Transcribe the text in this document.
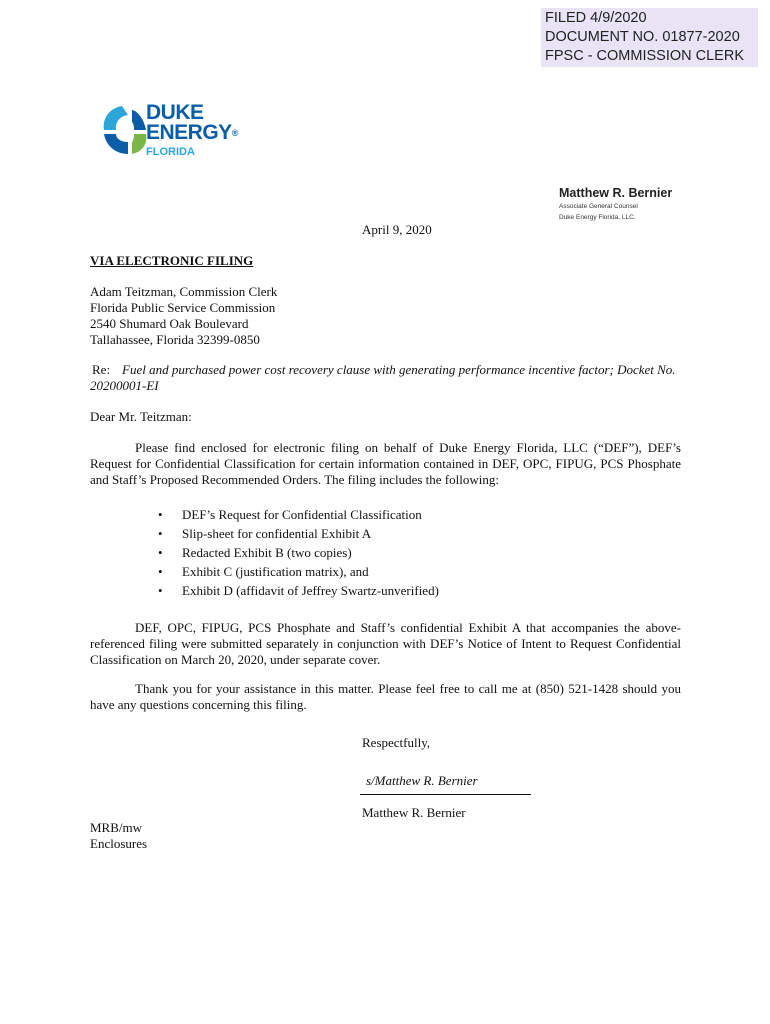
FILED 4/9/2020
DOCUMENT NO. 01877-2020
FPSC - COMMISSION CLERK
DUKE
ENERGY®
FLORIDA
Matthew R. Bernier
Associate General Counsel
Duke Energy Florida, LLC.
April 9, 2020
VIA ELECTRONIC FILING
Adam Teitzman, Commission Clerk
Florida Public Service Commission
2540 Shumard Oak Boulevard
Tallahassee, Florida 32399-0850
Re: Fuel and purchased power cost recovery clause with generating performance incentive factor; Docket No. 20200001-EI
Dear Mr. Teitzman:
Please find enclosed for electronic filing on behalf of Duke Energy Florida, LLC (“DEF”), DEF’s Request for Confidential Classification for certain information contained in DEF, OPC, FIPUG, PCS Phosphate and Staff’s Proposed Recommended Orders. The filing includes the following:
• DEF’s Request for Confidential Classification
• Slip-sheet for confidential Exhibit A
• Redacted Exhibit B (two copies)
• Exhibit C (justification matrix), and
• Exhibit D (affidavit of Jeffrey Swartz-unverified)
DEF, OPC, FIPUG, PCS Phosphate and Staff’s confidential Exhibit A that accompanies the above-referenced filing were submitted separately in conjunction with DEF’s Notice of Intent to Request Confidential Classification on March 20, 2020, under separate cover.
Thank you for your assistance in this matter. Please feel free to call me at (850) 521-1428 should you have any questions concerning this filing.
Respectfully,
s/Matthew R. Bernier
Matthew R. Bernier
MRB/mw
Enclosures
